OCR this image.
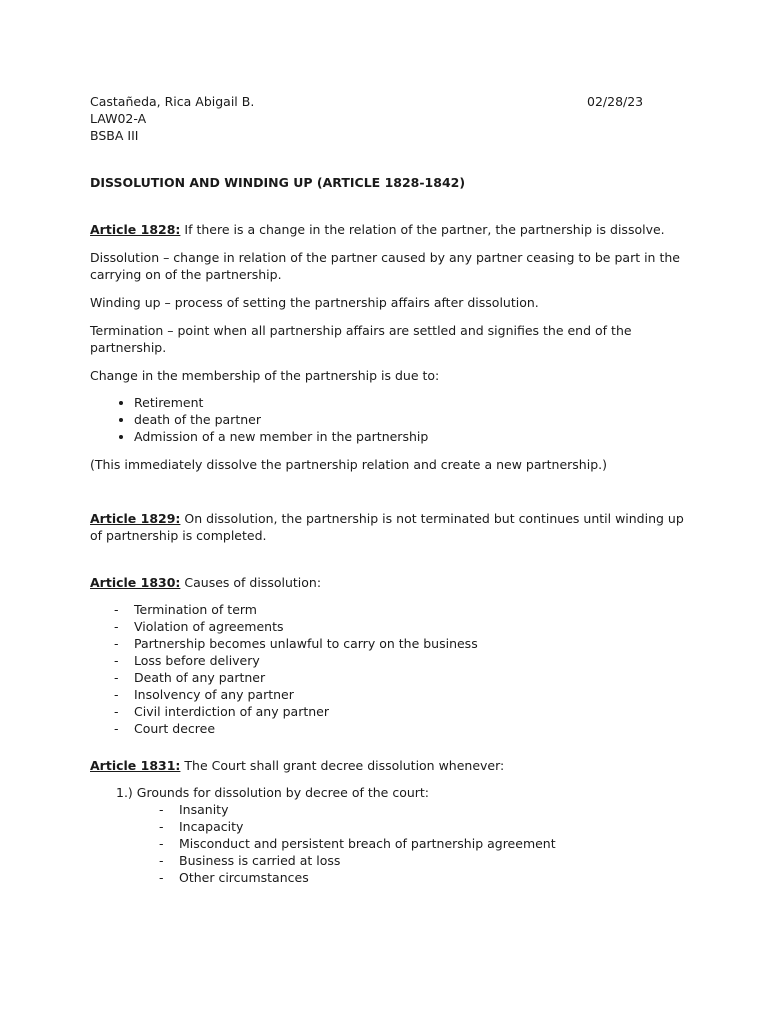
Castañeda, Rica Abigail B.	02/28/23
LAW02-A
BSBA III
DISSOLUTION AND WINDING UP (ARTICLE 1828-1842)

Article 1828: If there is a change in the relation of the partner, the partnership is dissolve.

Dissolution – change in relation of the partner caused by any partner ceasing to be part in the carrying on of the partnership.

Winding up – process of setting the partnership affairs after dissolution.

Termination – point when all partnership affairs are settled and signifies the end of the partnership.

Change in the membership of the partnership is due to:

• Retirement
• death of the partner
• Admission of a new member in the partnership

(This immediately dissolve the partnership relation and create a new partnership.)

Article 1829: On dissolution, the partnership is not terminated but continues until winding up of partnership is completed.

Article 1830: Causes of dissolution:

- Termination of term
- Violation of agreements
- Partnership becomes unlawful to carry on the business
- Loss before delivery
- Death of any partner
- Insolvency of any partner
- Civil interdiction of any partner
- Court decree

Article 1831: The Court shall grant decree dissolution whenever:

1.) Grounds for dissolution by decree of the court:
- Insanity
- Incapacity
- Misconduct and persistent breach of partnership agreement
- Business is carried at loss
- Other circumstances
